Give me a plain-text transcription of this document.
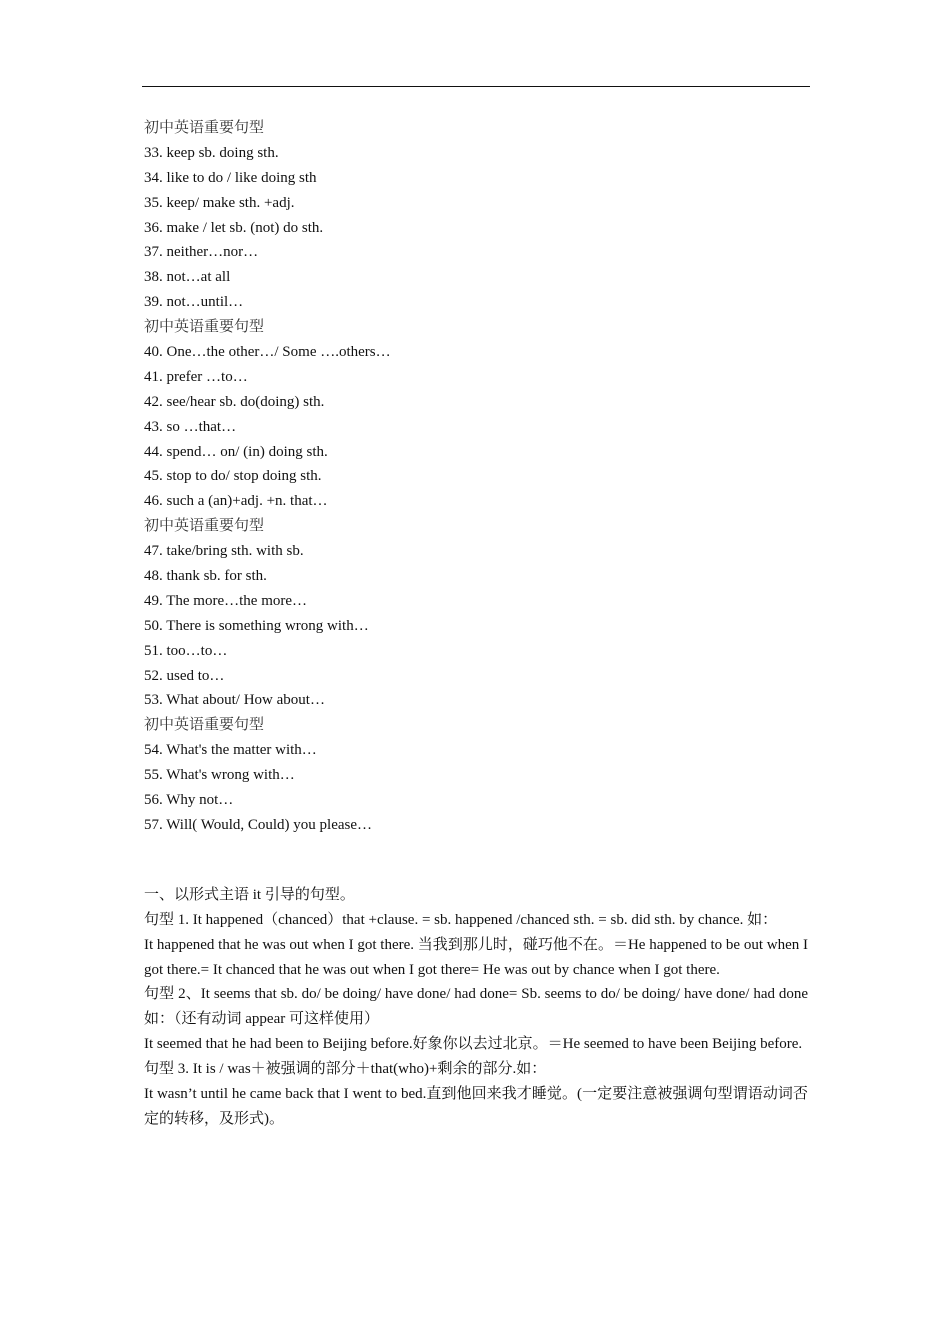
初中英语重要句型
33. keep sb. doing sth.
34. like to do / like doing sth
35. keep/ make sth. +adj.
36. make / let sb. (not) do sth.
37. neither…nor…
38. not…at all
39. not…until…
初中英语重要句型
40. One…the other…/ Some ….others…
41. prefer …to…
42. see/hear sb. do(doing) sth.
43. so …that…
44. spend… on/ (in) doing sth.
45. stop to do/ stop doing sth.
46. such a (an)+adj. +n. that…
初中英语重要句型
47. take/bring sth. with sb.
48. thank sb. for sth.
49. The more…the more…
50. There is something wrong with…
51. too…to…
52. used to…
53. What about/ How about…
初中英语重要句型
54. What's the matter with…
55. What's wrong with…
56. Why not…
57. Will( Would, Could) you please…
一、以形式主语 it 引导的句型。
句型 1. It happened（chanced）that +clause. = sb. happened /chanced sth. = sb. did sth. by chance. 如：
It happened that he was out when I got there. 当我到那儿时，碰巧他不在。＝He happened to be out when I got there.= It chanced that he was out when I got there= He was out by chance when I got there.
句型 2、It seems that sb. do/ be doing/ have done/ had done= Sb. seems to do/ be doing/ have done/ had done 如：（还有动词 appear 可这样使用）
It seemed that he had been to Beijing before.好象你以去过北京。＝He seemed to have been Beijing before.
句型 3. It is / was＋被强调的部分＋that(who)+剩余的部分.如：
It wasn’t until he came back that I went to bed.直到他回来我才睡觉。(一定要注意被强调句型谓语动词否定的转移，及形式)。
